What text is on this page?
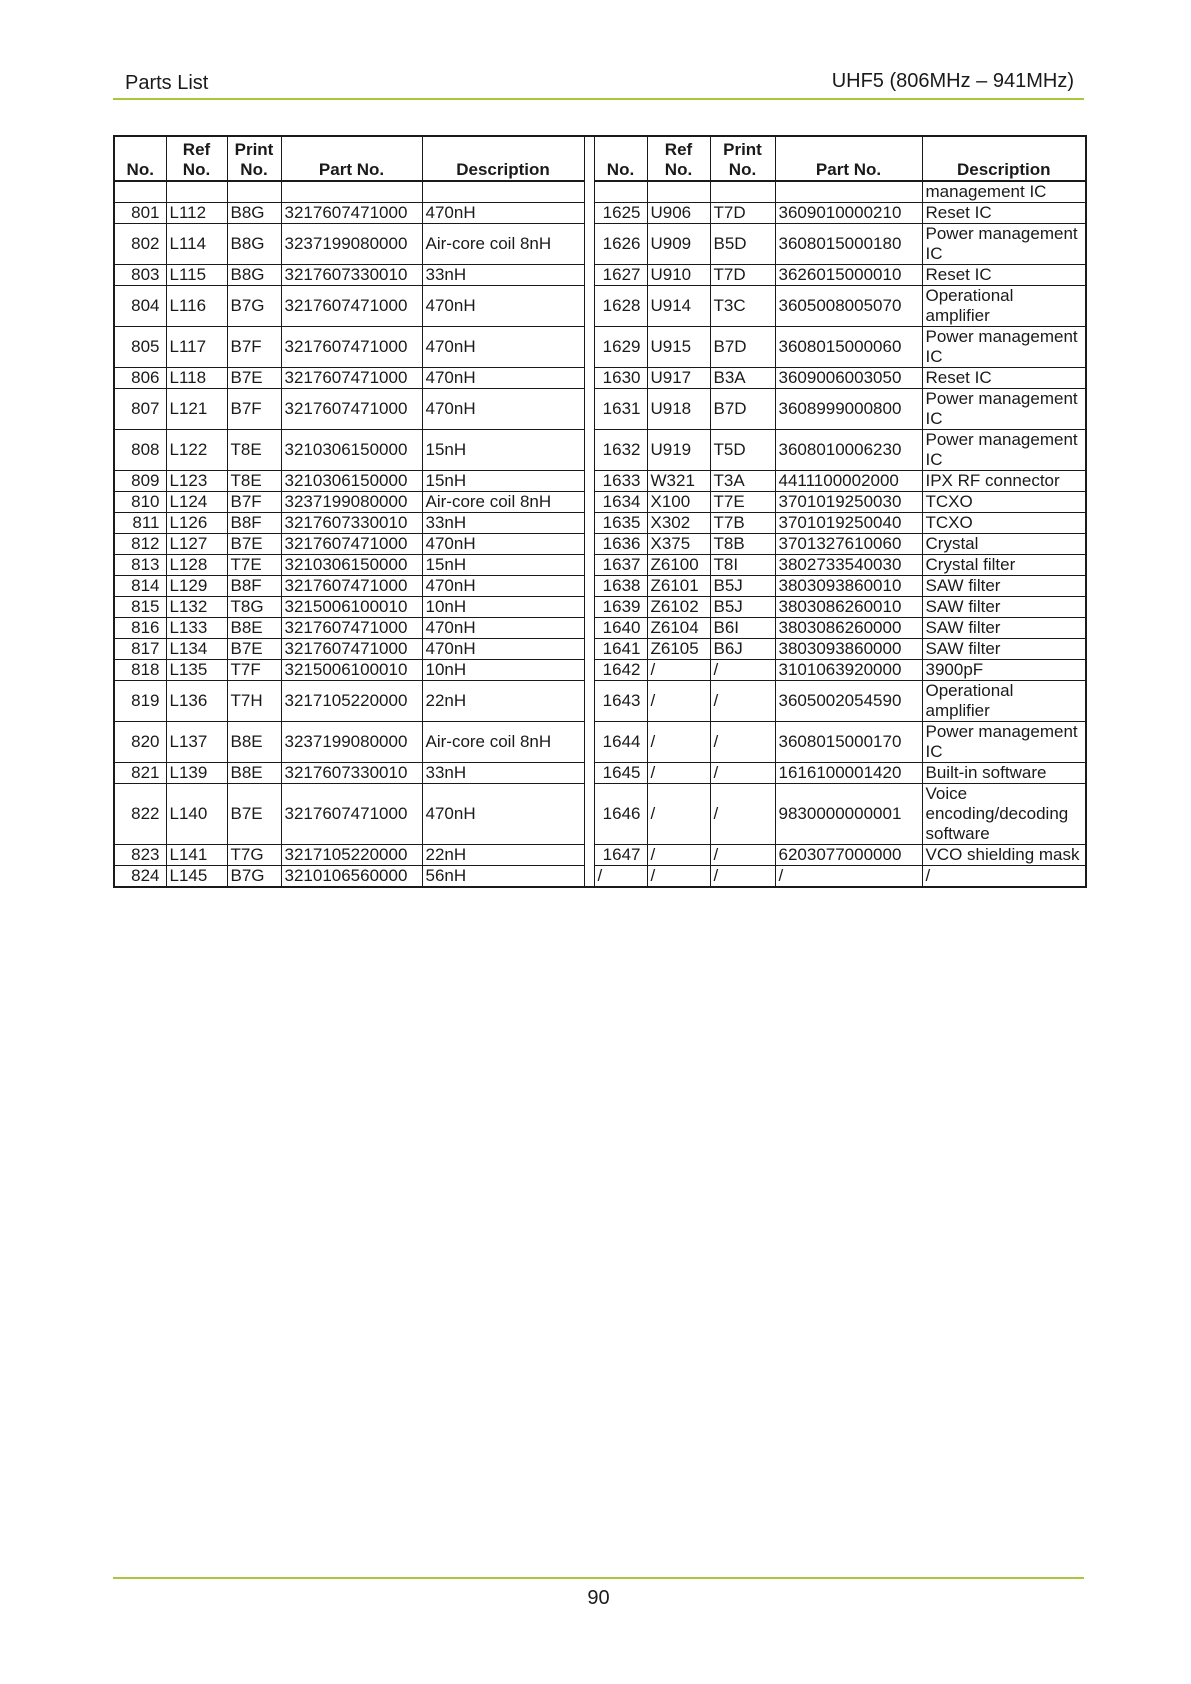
Parts List	UHF5 (806MHz – 941MHz)
No.	Ref No.	Print No.	Part No.	Description		No.	Ref No.	Print No.	Part No.	Description
										management IC
801	L112	B8G	3217607471000	470nH		1625	U906	T7D	3609010000210	Reset IC
802	L114	B8G	3237199080000	Air-core coil 8nH		1626	U909	B5D	3608015000180	Power management IC
803	L115	B8G	3217607330010	33nH		1627	U910	T7D	3626015000010	Reset IC
804	L116	B7G	3217607471000	470nH		1628	U914	T3C	3605008005070	Operational amplifier
805	L117	B7F	3217607471000	470nH		1629	U915	B7D	3608015000060	Power management IC
806	L118	B7E	3217607471000	470nH		1630	U917	B3A	3609006003050	Reset IC
807	L121	B7F	3217607471000	470nH		1631	U918	B7D	3608999000800	Power management IC
808	L122	T8E	3210306150000	15nH		1632	U919	T5D	3608010006230	Power management IC
809	L123	T8E	3210306150000	15nH		1633	W321	T3A	4411100002000	IPX RF connector
810	L124	B7F	3237199080000	Air-core coil 8nH		1634	X100	T7E	3701019250030	TCXO
811	L126	B8F	3217607330010	33nH		1635	X302	T7B	3701019250040	TCXO
812	L127	B7E	3217607471000	470nH		1636	X375	T8B	3701327610060	Crystal
813	L128	T7E	3210306150000	15nH		1637	Z6100	T8I	3802733540030	Crystal filter
814	L129	B8F	3217607471000	470nH		1638	Z6101	B5J	3803093860010	SAW filter
815	L132	T8G	3215006100010	10nH		1639	Z6102	B5J	3803086260010	SAW filter
816	L133	B8E	3217607471000	470nH		1640	Z6104	B6I	3803086260000	SAW filter
817	L134	B7E	3217607471000	470nH		1641	Z6105	B6J	3803093860000	SAW filter
818	L135	T7F	3215006100010	10nH		1642	/	/	3101063920000	3900pF
819	L136	T7H	3217105220000	22nH		1643	/	/	3605002054590	Operational amplifier
820	L137	B8E	3237199080000	Air-core coil 8nH		1644	/	/	3608015000170	Power management IC
821	L139	B8E	3217607330010	33nH		1645	/	/	1616100001420	Built-in software
822	L140	B7E	3217607471000	470nH		1646	/	/	9830000000001	Voice encoding/decoding software
823	L141	T7G	3217105220000	22nH		1647	/	/	6203077000000	VCO shielding mask
824	L145	B7G	3210106560000	56nH		/	/	/	/	/
90
